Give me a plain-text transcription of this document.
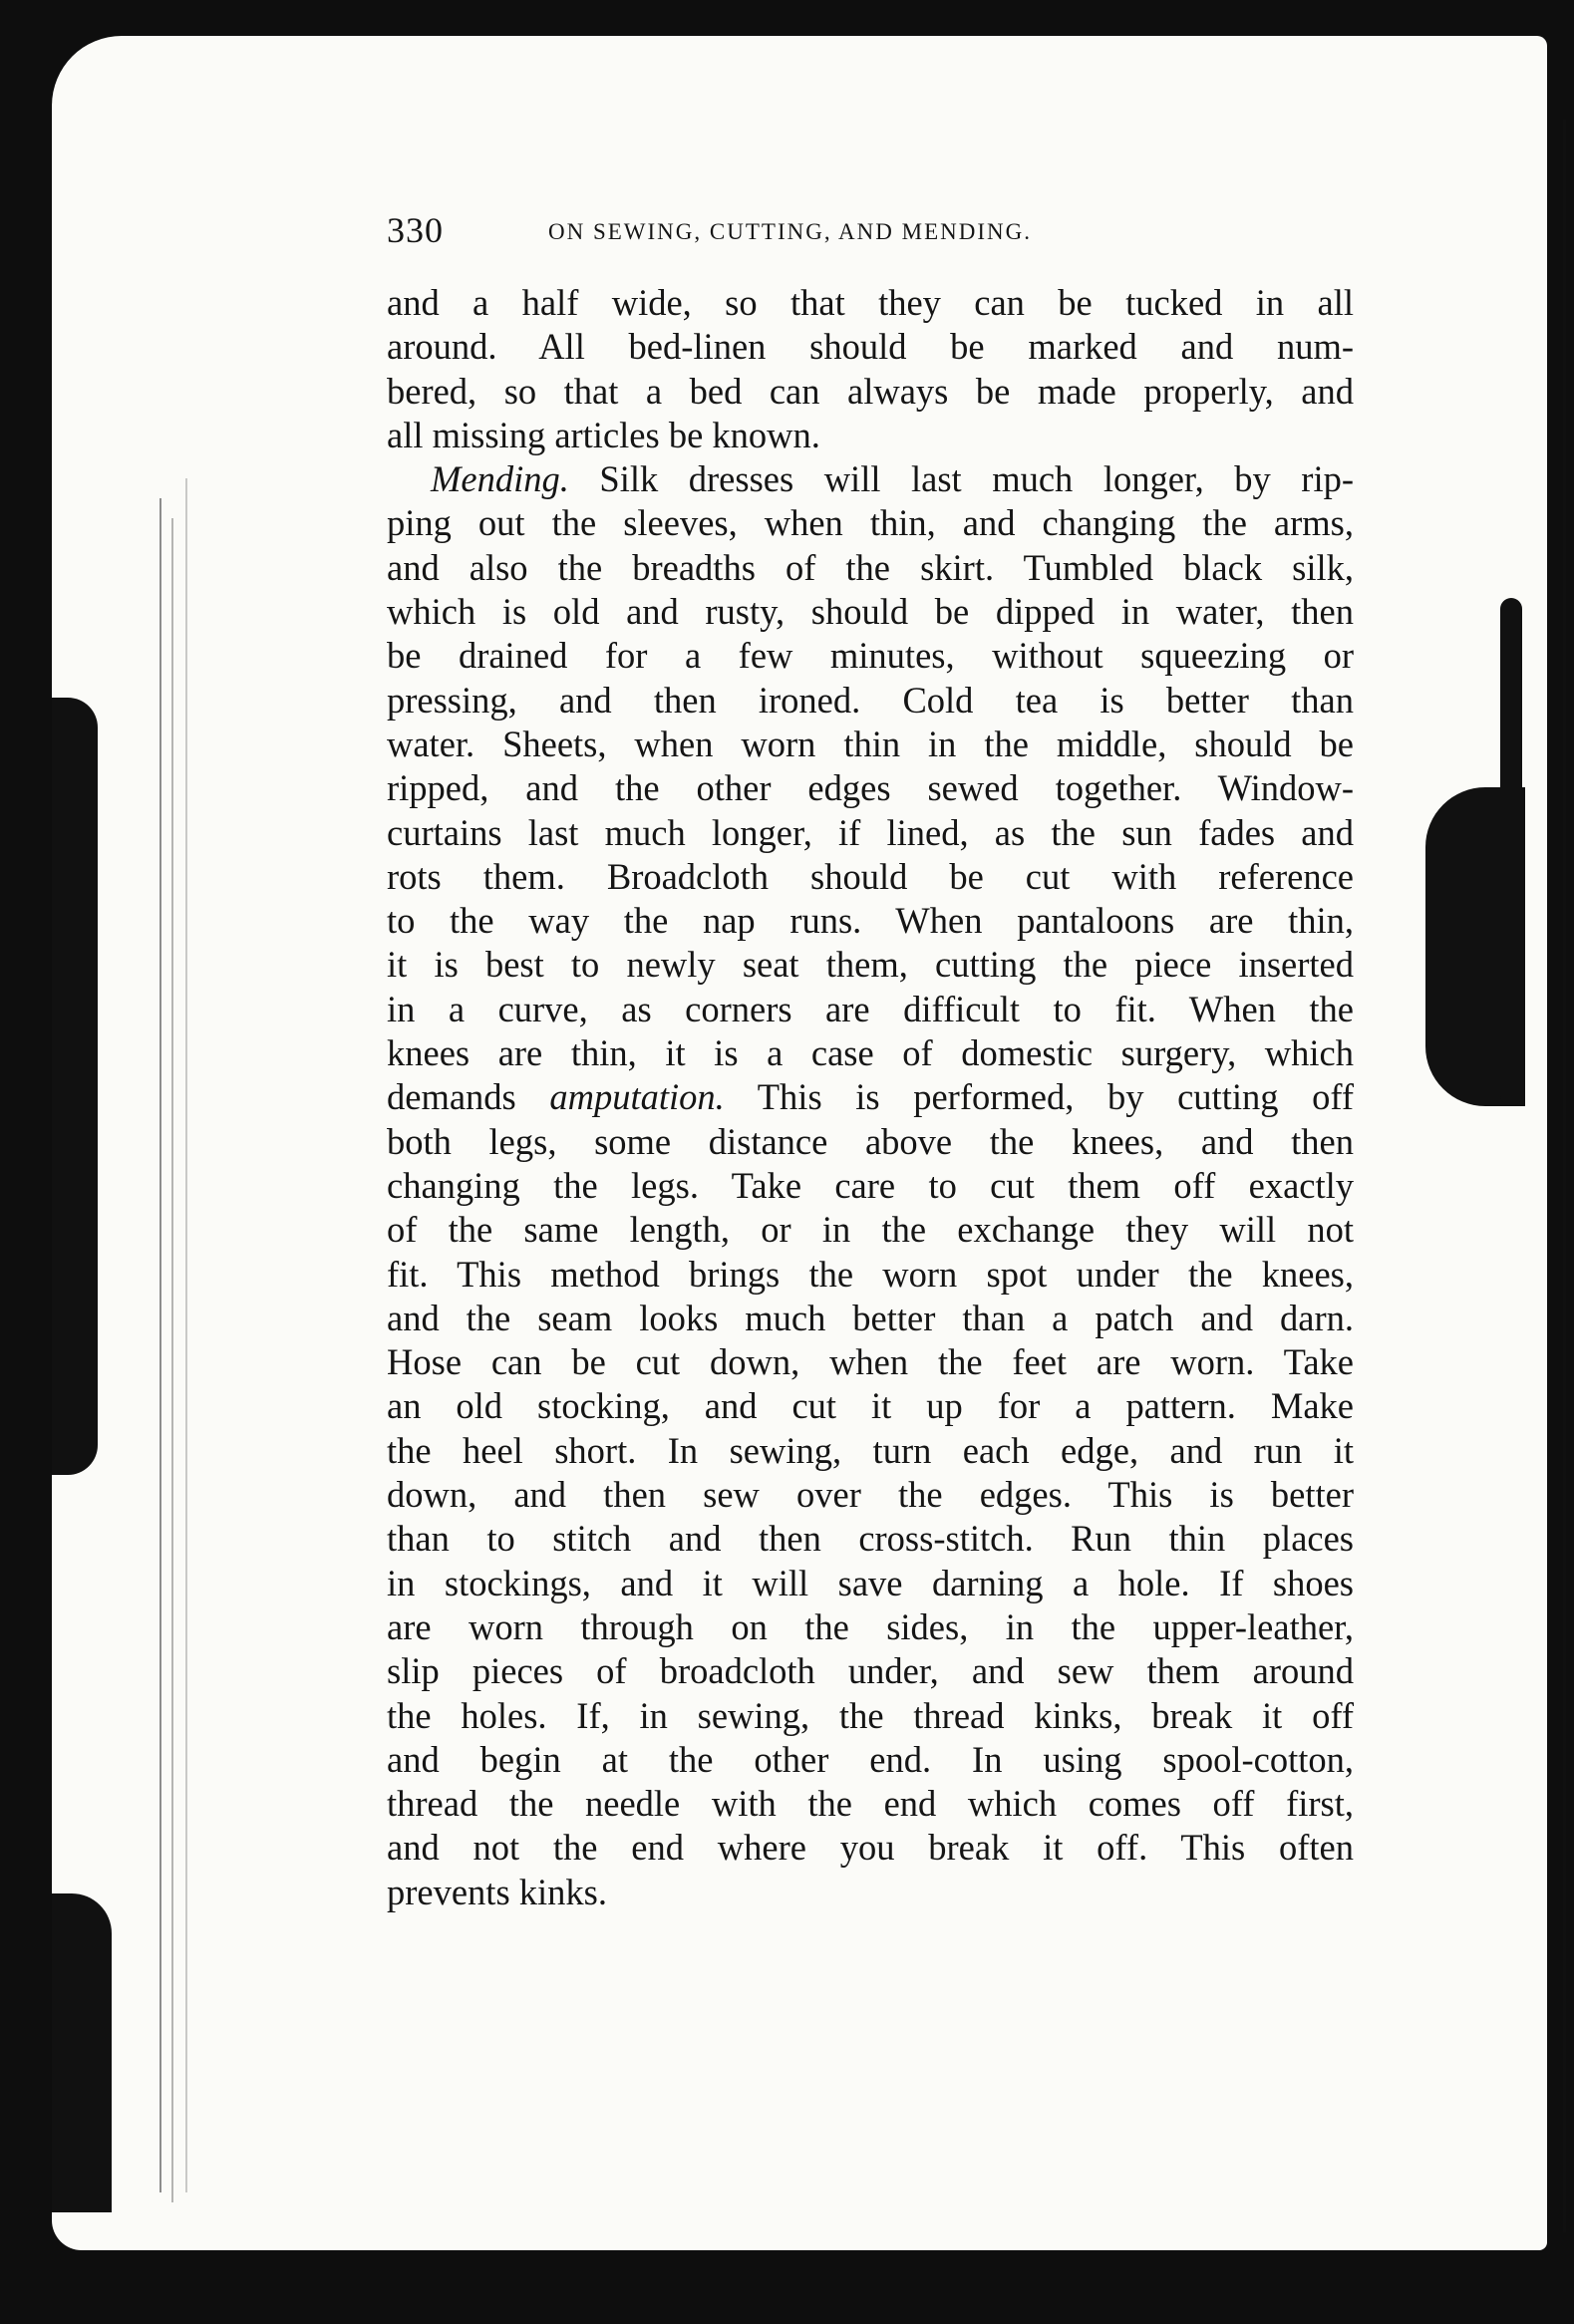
330	ON SEWING, CUTTING, AND MENDING.
and a half wide, so that they can be tucked in all
around. All bed-linen should be marked and num-
bered, so that a bed can always be made properly, and
all missing articles be known.
Mending. Silk dresses will last much longer, by rip-
ping out the sleeves, when thin, and changing the arms,
and also the breadths of the skirt. Tumbled black silk,
which is old and rusty, should be dipped in water, then
be drained for a few minutes, without squeezing or
pressing, and then ironed. Cold tea is better than
water. Sheets, when worn thin in the middle, should be
ripped, and the other edges sewed together. Window-
curtains last much longer, if lined, as the sun fades and
rots them. Broadcloth should be cut with reference
to the way the nap runs. When pantaloons are thin,
it is best to newly seat them, cutting the piece inserted
in a curve, as corners are difficult to fit. When the
knees are thin, it is a case of domestic surgery, which
demands amputation. This is performed, by cutting off
both legs, some distance above the knees, and then
changing the legs. Take care to cut them off exactly
of the same length, or in the exchange they will not
fit. This method brings the worn spot under the knees,
and the seam looks much better than a patch and darn.
Hose can be cut down, when the feet are worn. Take
an old stocking, and cut it up for a pattern. Make
the heel short. In sewing, turn each edge, and run it
down, and then sew over the edges. This is better
than to stitch and then cross-stitch. Run thin places
in stockings, and it will save darning a hole. If shoes
are worn through on the sides, in the upper-leather,
slip pieces of broadcloth under, and sew them around
the holes. If, in sewing, the thread kinks, break it off
and begin at the other end. In using spool-cotton,
thread the needle with the end which comes off first,
and not the end where you break it off. This often
prevents kinks.
